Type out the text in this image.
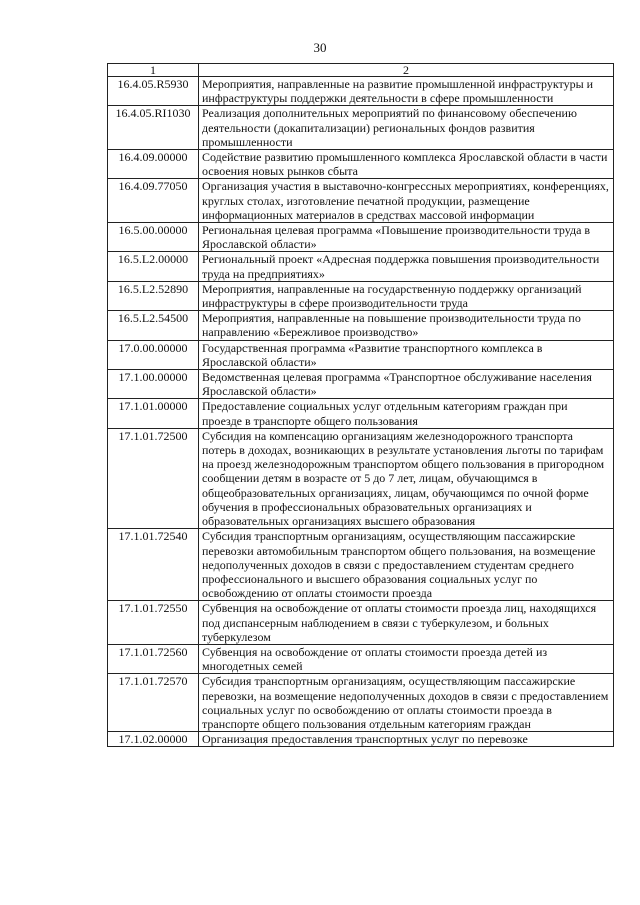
30
1	2
16.4.05.R5930	Мероприятия, направленные на развитие промышленной инфраструктуры и инфраструктуры поддержки деятельности в сфере промышленности
16.4.05.RI1030	Реализация дополнительных мероприятий по финансовому обеспечению деятельности (докапитализации) региональных фондов развития промышленности
16.4.09.00000	Содействие развитию промышленного комплекса Ярославской области в части освоения новых рынков сбыта
16.4.09.77050	Организация участия в выставочно-конгрессных мероприятиях, конференциях, круглых столах, изготовление печатной продукции, размещение информационных материалов в средствах массовой информации
16.5.00.00000	Региональная целевая программа «Повышение производительности труда в Ярославской области»
16.5.L2.00000	Региональный проект «Адресная поддержка повышения производительности труда на предприятиях»
16.5.L2.52890	Мероприятия, направленные на государственную поддержку организаций инфраструктуры в сфере производительности труда
16.5.L2.54500	Мероприятия, направленные на повышение производительности труда по направлению «Бережливое производство»
17.0.00.00000	Государственная программа «Развитие транспортного комплекса в Ярославской области»
17.1.00.00000	Ведомственная целевая программа «Транспортное обслуживание населения Ярославской области»
17.1.01.00000	Предоставление социальных услуг отдельным категориям граждан при проезде в транспорте общего пользования
17.1.01.72500	Субсидия на компенсацию организациям железнодорожного транспорта потерь в доходах, возникающих в результате установления льготы по тарифам на проезд железнодорожным транспортом общего пользования в пригородном сообщении детям в возрасте от 5 до 7 лет, лицам, обучающимся в общеобразовательных организациях, лицам, обучающимся по очной форме обучения в профессиональных образовательных организациях и образовательных организациях высшего образования
17.1.01.72540	Субсидия транспортным организациям, осуществляющим пассажирские перевозки автомобильным транспортом общего пользования, на возмещение недополученных доходов в связи с предоставлением студентам среднего профессионального и высшего образования социальных услуг по освобождению от оплаты стоимости проезда
17.1.01.72550	Субвенция на освобождение от оплаты стоимости проезда лиц, находящихся под диспансерным наблюдением в связи с туберкулезом, и больных туберкулезом
17.1.01.72560	Субвенция на освобождение от оплаты стоимости проезда детей из многодетных семей
17.1.01.72570	Субсидия транспортным организациям, осуществляющим пассажирские перевозки, на возмещение недополученных доходов в связи с предоставлением социальных услуг по освобождению от оплаты стоимости проезда в транспорте общего пользования отдельным категориям граждан
17.1.02.00000	Организация предоставления транспортных услуг по перевозке
